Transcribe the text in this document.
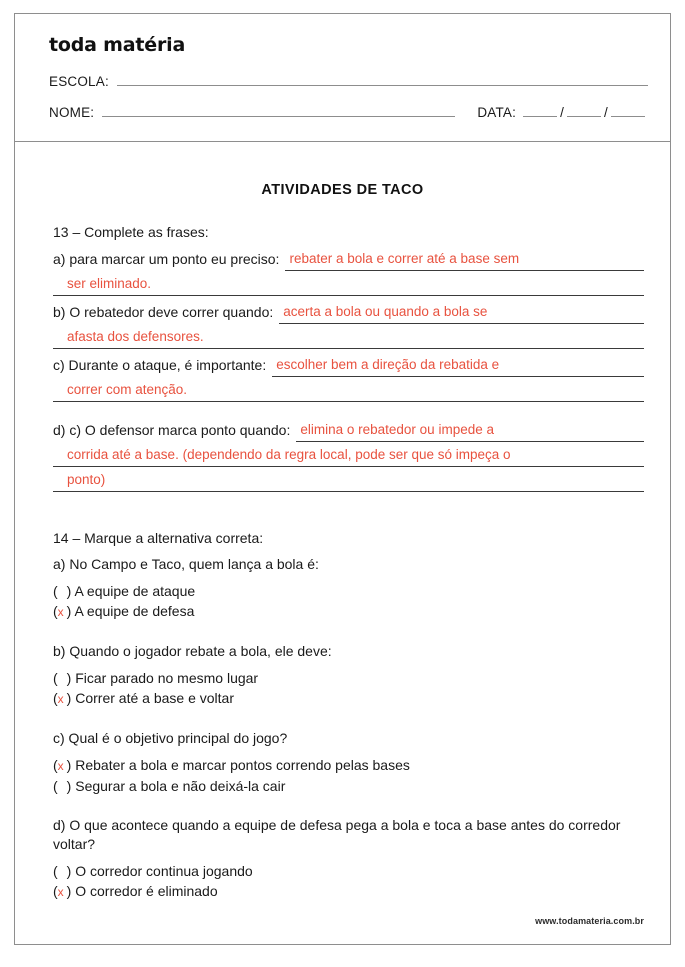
toda matéria
ESCOLA:
NOME:	DATA:	/	/
ATIVIDADES DE TACO
13 – Complete as frases:
a) para marcar um ponto eu preciso: rebater a bola e correr até a base sem
ser eliminado.
b) O rebatedor deve correr quando: acerta a bola ou quando a bola se
afasta dos defensores.
c) Durante o ataque, é importante: escolher bem a direção da rebatida e
correr com atenção.
d) c) O defensor marca ponto quando: elimina o rebatedor ou impede a
corrida até a base. (dependendo da regra local, pode ser que só impeça o
ponto)
14 – Marque a alternativa correta:
a) No Campo e Taco, quem lança a bola é:
( ) A equipe de ataque
(x ) A equipe de defesa
b) Quando o jogador rebate a bola, ele deve:
( ) Ficar parado no mesmo lugar
(x ) Correr até a base e voltar
c) Qual é o objetivo principal do jogo?
(x ) Rebater a bola e marcar pontos correndo pelas bases
( ) Segurar a bola e não deixá-la cair
d) O que acontece quando a equipe de defesa pega a bola e toca a base antes do corredor voltar?
( ) O corredor continua jogando
(x ) O corredor é eliminado
www.todamateria.com.br
